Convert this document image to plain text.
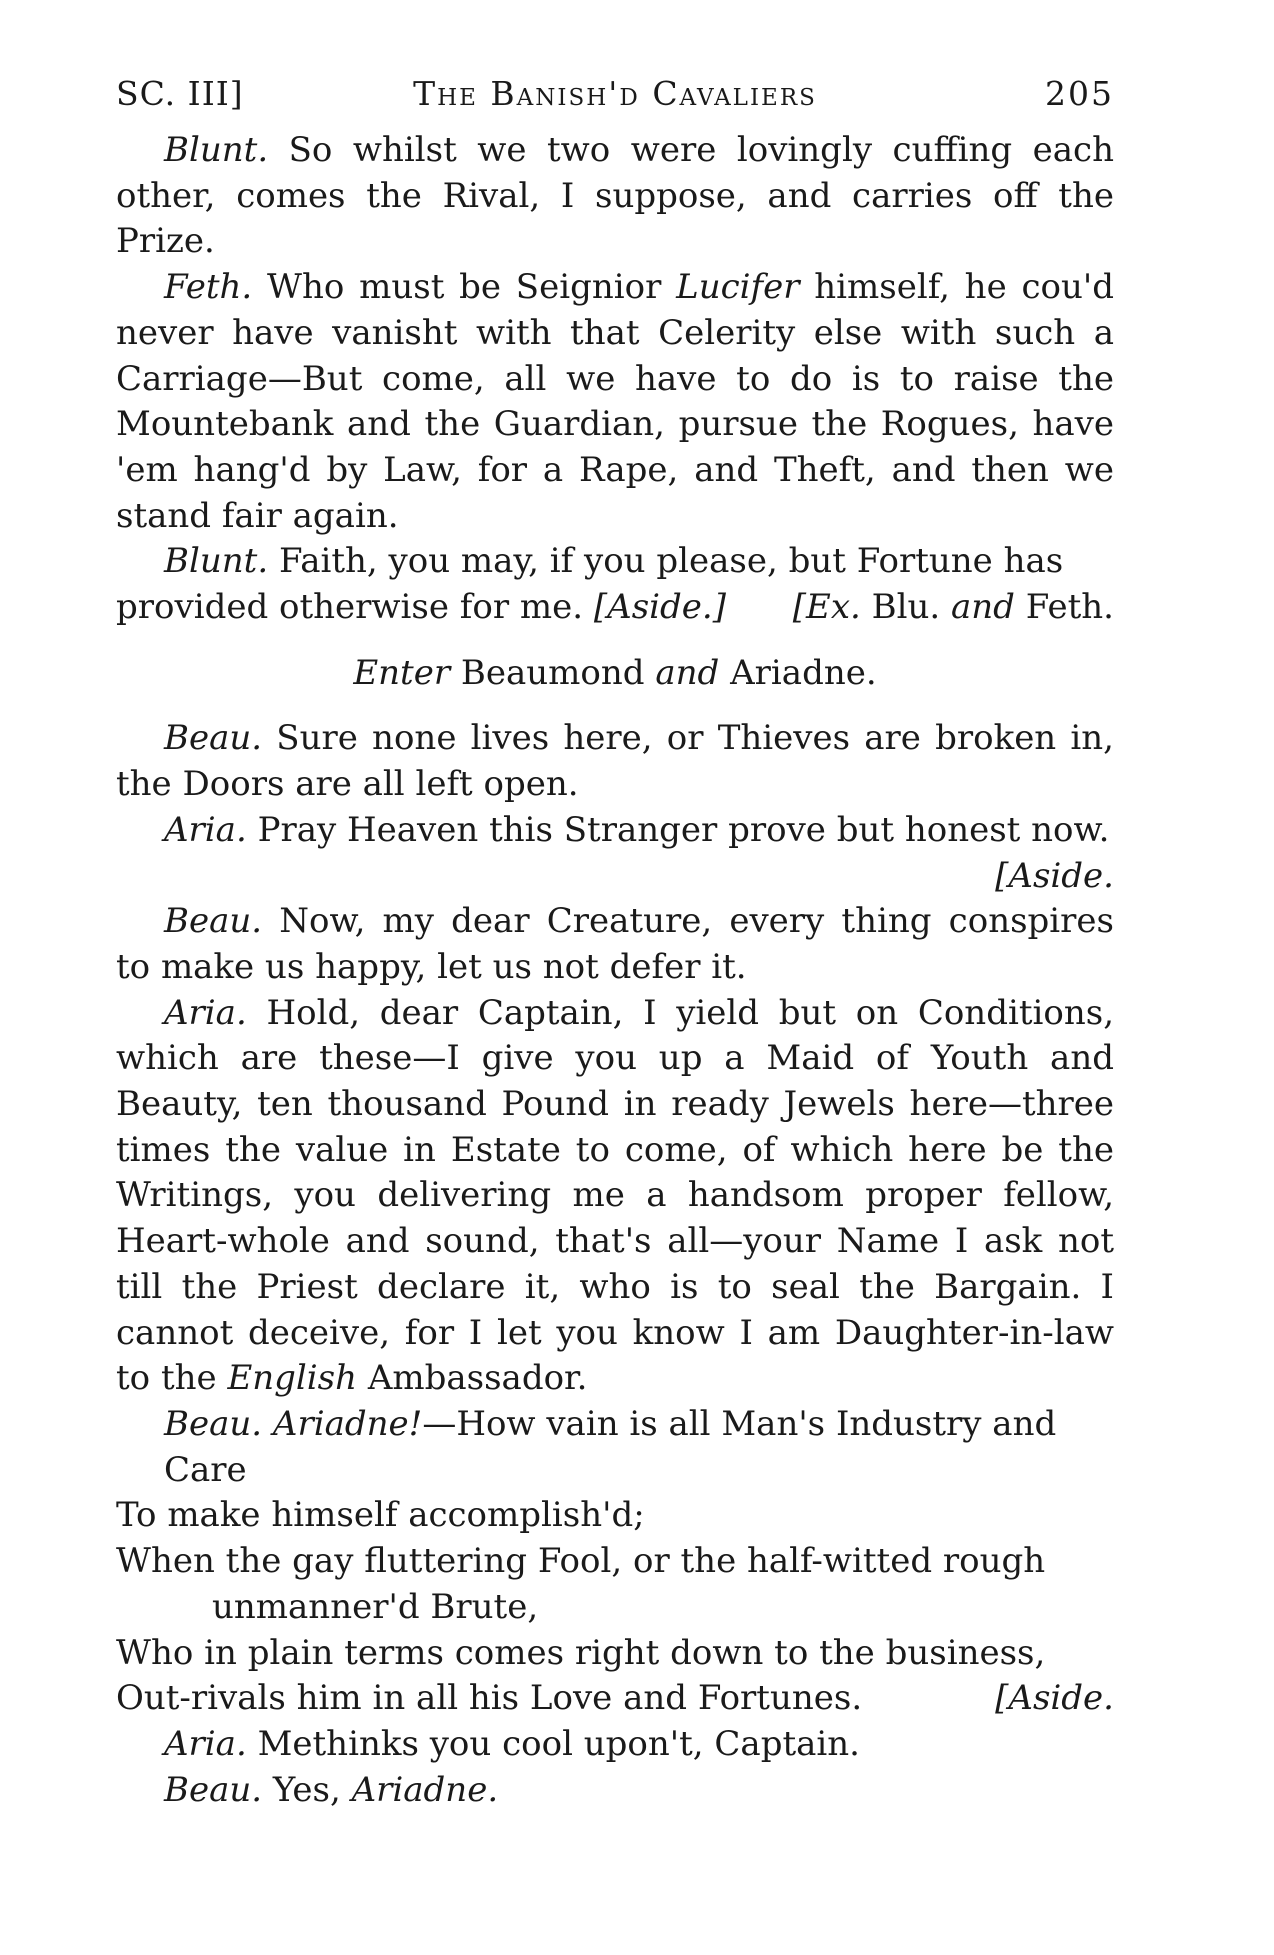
SC. III]	The Banish'd Cavaliers	205

Blunt. So whilst we two were lovingly cuffing each other, comes the Rival, I suppose, and carries off the Prize.

Feth. Who must be Seignior Lucifer himself, he cou'd never have vanisht with that Celerity else with such a Carriage—But come, all we have to do is to raise the Mountebank and the Guardian, pursue the Rogues, have 'em hang'd by Law, for a Rape, and Theft, and then we stand fair again.

Blunt. Faith, you may, if you please, but Fortune has

provided otherwise for me. [Aside.] [Ex. Blu. and Feth.
Enter Beaumond and Ariadne.

Beau. Sure none lives here, or Thieves are broken in, the Doors are all left open.

Aria. Pray Heaven this Stranger prove but honest now.

[Aside.

Beau. Now, my dear Creature, every thing conspires to make us happy, let us not defer it.

Aria. Hold, dear Captain, I yield but on Conditions, which are these—I give you up a Maid of Youth and Beauty, ten thousand Pound in ready Jewels here—three times the value in Estate to come, of which here be the Writings, you delivering me a handsom proper fellow, Heart-whole and sound, that's all—your Name I ask not till the Priest declare it, who is to seal the Bargain. I cannot deceive, for I let you know I am Daughter-in-law to the English Ambassador.

Beau. Ariadne!—How vain is all Man's Industry and

Care
To make himself accomplish'd;
When the gay fluttering Fool, or the half-witted rough
unmanner'd Brute,
Who in plain terms comes right down to the business,
Out-rivals him in all his Love and Fortunes.	[Aside.

Aria. Methinks you cool upon't, Captain.

Beau. Yes, Ariadne.
